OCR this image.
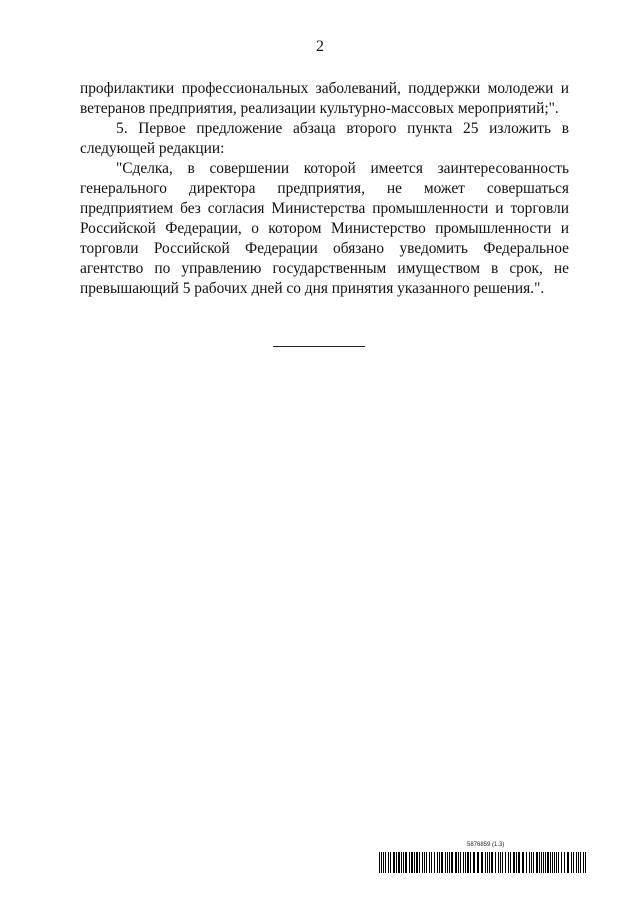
2

профилактики профессиональных заболеваний, поддержки молодежи и ветеранов предприятия, реализации культурно-массовых мероприятий;".

5. Первое предложение абзаца второго пункта 25 изложить в следующей редакции:

"Сделка, в совершении которой имеется заинтересованность генерального директора предприятия, не может совершаться предприятием без согласия Министерства промышленности и торговли Российской Федерации, о котором Министерство промышленности и торговли Российской Федерации обязано уведомить Федеральное агентство по управлению государственным имуществом в срок, не превышающий 5 рабочих дней со дня принятия указанного решения.".

5876859 (1.3)
